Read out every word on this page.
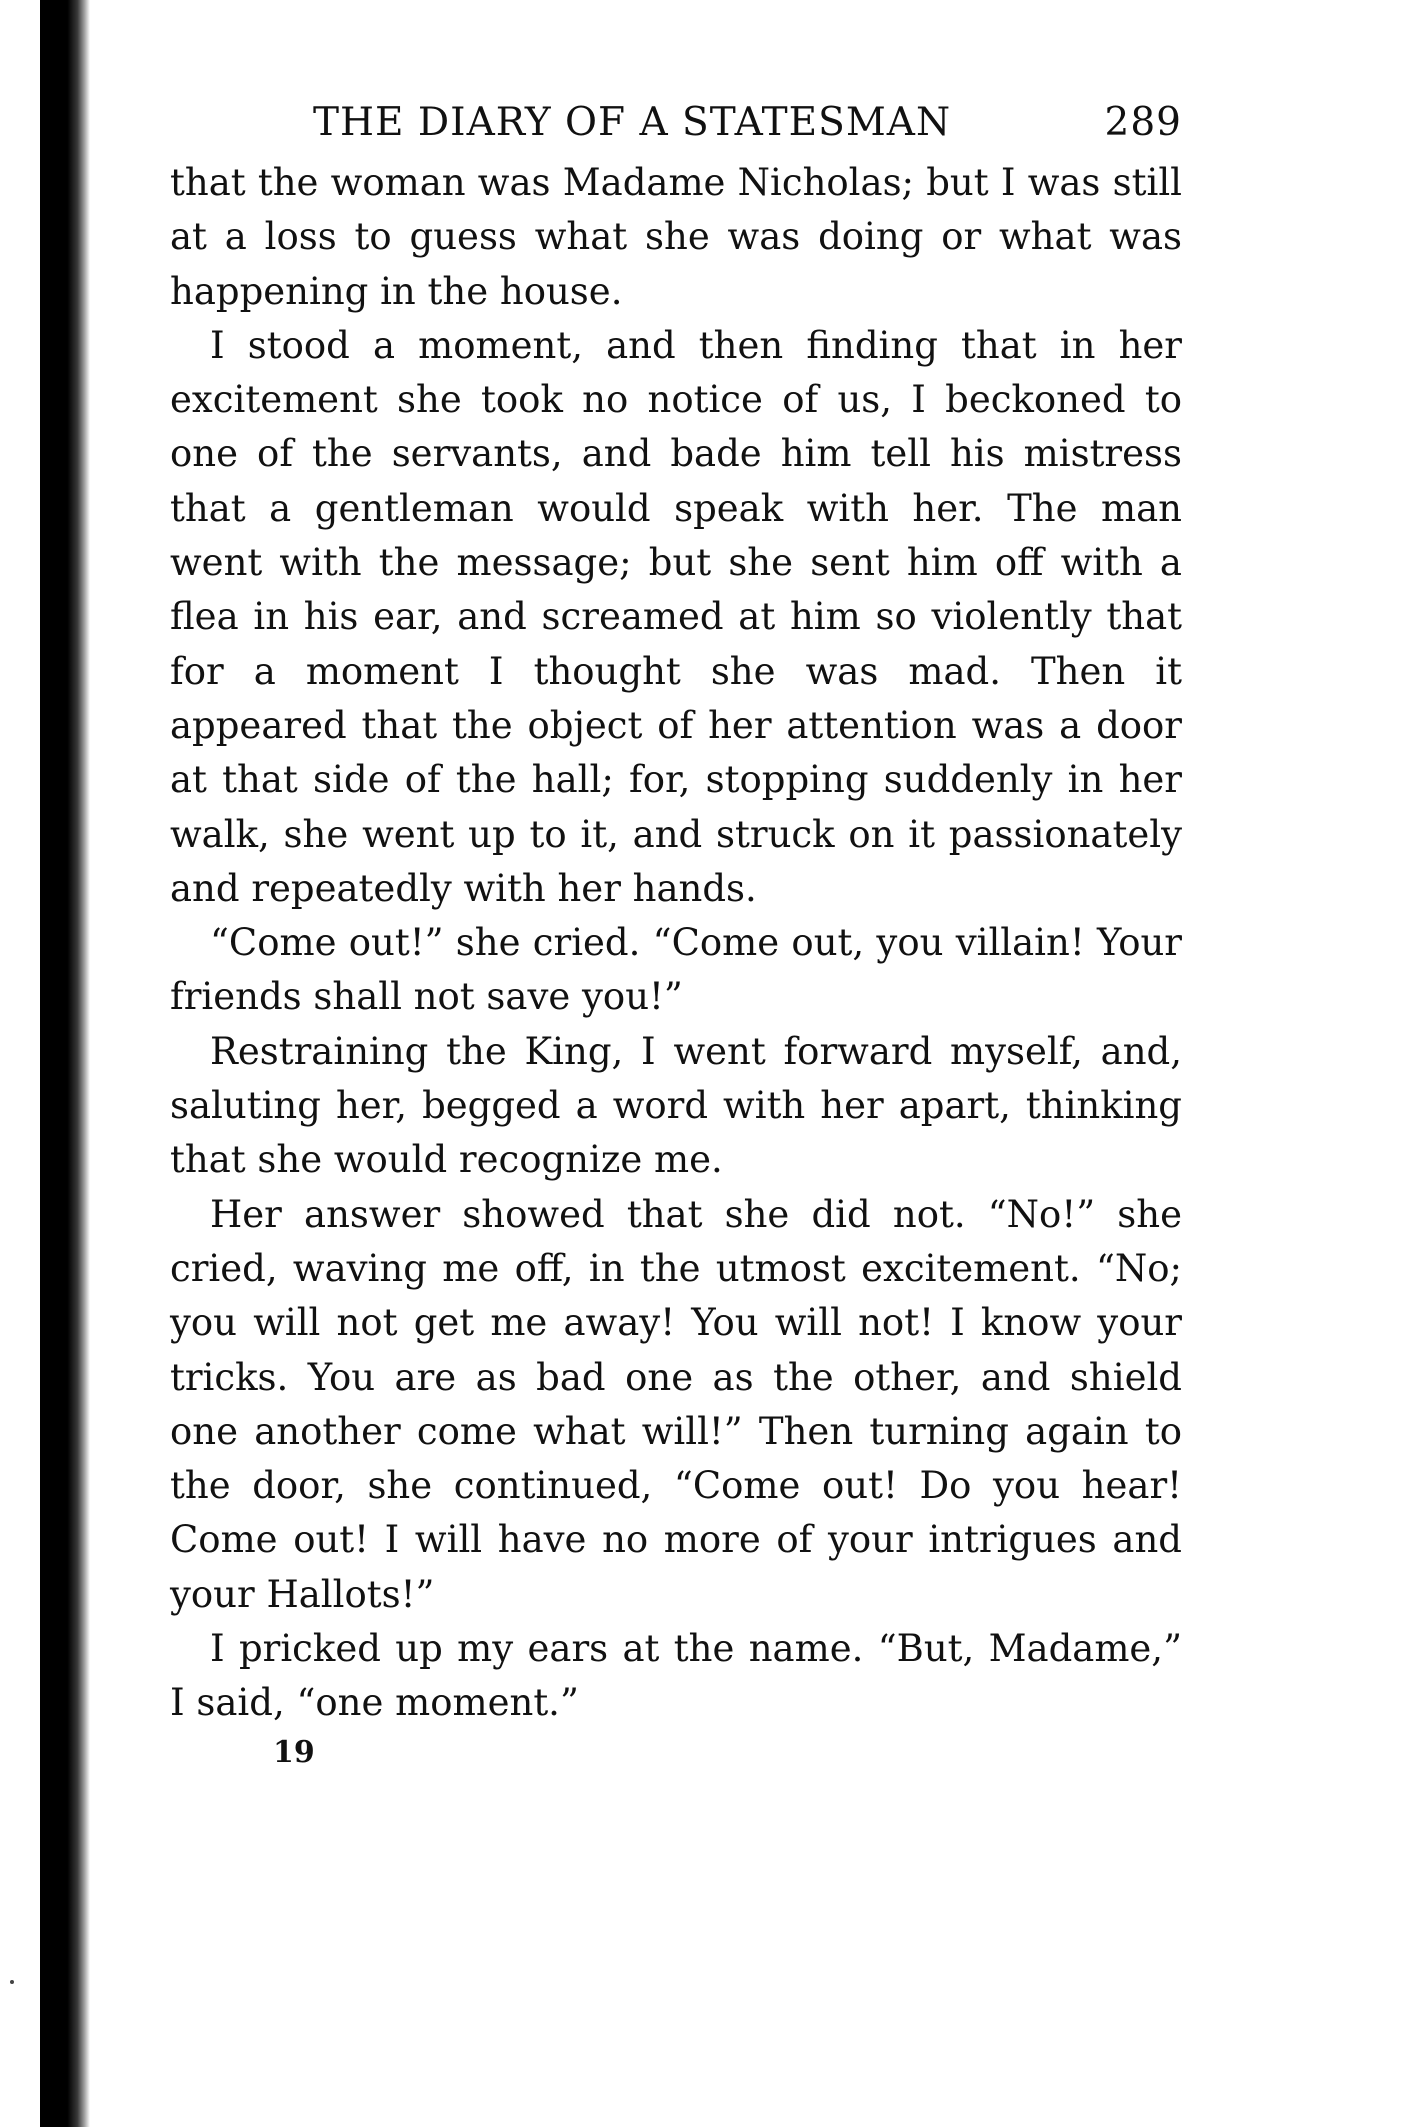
THE DIARY OF A STATESMAN	289

that the woman was Madame Nicholas; but I was still at a loss to guess what she was doing or what was happening in the house.

I stood a moment, and then finding that in her excitement she took no notice of us, I beckoned to one of the servants, and bade him tell his mistress that a gentleman would speak with her. The man went with the message; but she sent him off with a flea in his ear, and screamed at him so violently that for a moment I thought she was mad. Then it appeared that the object of her attention was a door at that side of the hall; for, stopping suddenly in her walk, she went up to it, and struck on it passionately and repeatedly with her hands.

“Come out!” she cried. “Come out, you villain! Your friends shall not save you!”

Restraining the King, I went forward myself, and, saluting her, begged a word with her apart, thinking that she would recognize me.

Her answer showed that she did not. “No!” she cried, waving me off, in the utmost excitement. “No; you will not get me away! You will not! I know your tricks. You are as bad one as the other, and shield one another come what will!” Then turning again to the door, she continued, “Come out! Do you hear! Come out! I will have no more of your intrigues and your Hallots!”

I pricked up my ears at the name. “But, Madame,” I said, “one moment.”

19
